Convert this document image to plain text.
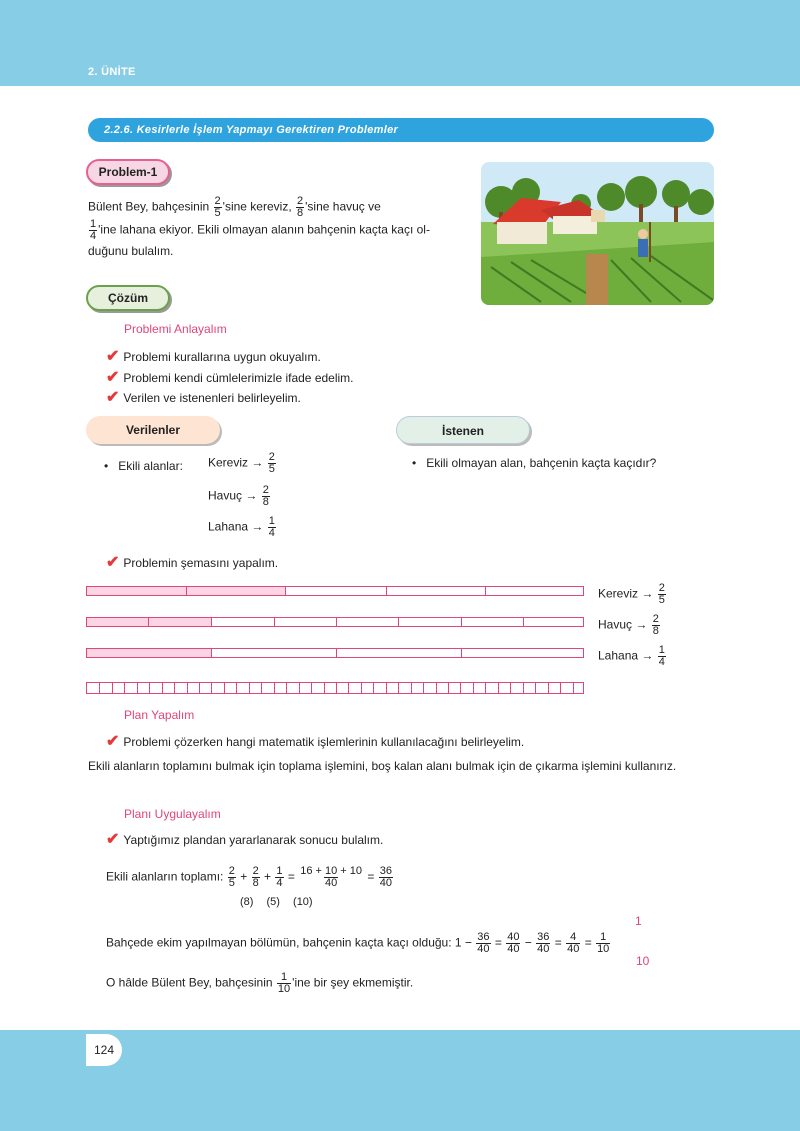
2. ÜNİTE
2.2.6. Kesirlerle İşlem Yapmayı Gerektiren Problemler
Problem-1
Bülent Bey, bahçesinin $\frac{2}{5}$ 'sine kereviz, $\frac{2}{8}$ 'sine havuç ve

$\frac{1}{4}$ 'ine lahana ekiyor. Ekili olmayan alanın bahçenin kaçta kaçı ol-
duğunu bulalım.
Çözüm
Problemi Anlayalım
✔ Problemi kurallarına uygun okuyalım.
✔ Problemi kendi cümlelerimizle ifade edelim.
✔ Verilen ve istenenleri belirleyelim.
Verilenler	İstenen
• Ekili alanlar: Kereviz → $\frac{2}{5}$
Havuç → $\frac{2}{8}$
Lahana → $\frac{1}{4}$
• Ekili olmayan alan, bahçenin kaçta kaçıdır?
✔ Problemin şemasını yapalım.
Kereviz → $\frac{2}{5}$
Havuç → $\frac{2}{8}$
Lahana → $\frac{1}{4}$
Plan Yapalım
✔ Problemi çözerken hangi matematik işlemlerinin kullanılacağını belirleyelim.
Ekili alanların toplamını bulmak için toplama işlemini, boş kalan alanı bulmak için de çıkarma işlemini kullanırız.
Planı Uygulayalım
✔ Yaptığımız plandan yararlanarak sonucu bulalım.
Ekili alanların toplamı: $\frac{2}{5} + \frac{2}{8} + \frac{1}{4} = \frac{16 + 10 + 10}{40} = \frac{36}{40}$
(8) (5) (10)
Bahçede ekim yapılmayan bölümün, bahçenin kaçta kaçı olduğu: $1 - \frac{36}{40} = \frac{40}{40} - \frac{36}{40} = \frac{4}{40} = \frac{1}{10}$
1
10
O hâlde Bülent Bey, bahçesinin $\frac{1}{10}$ 'ine bir şey ekmemiştir.
124
